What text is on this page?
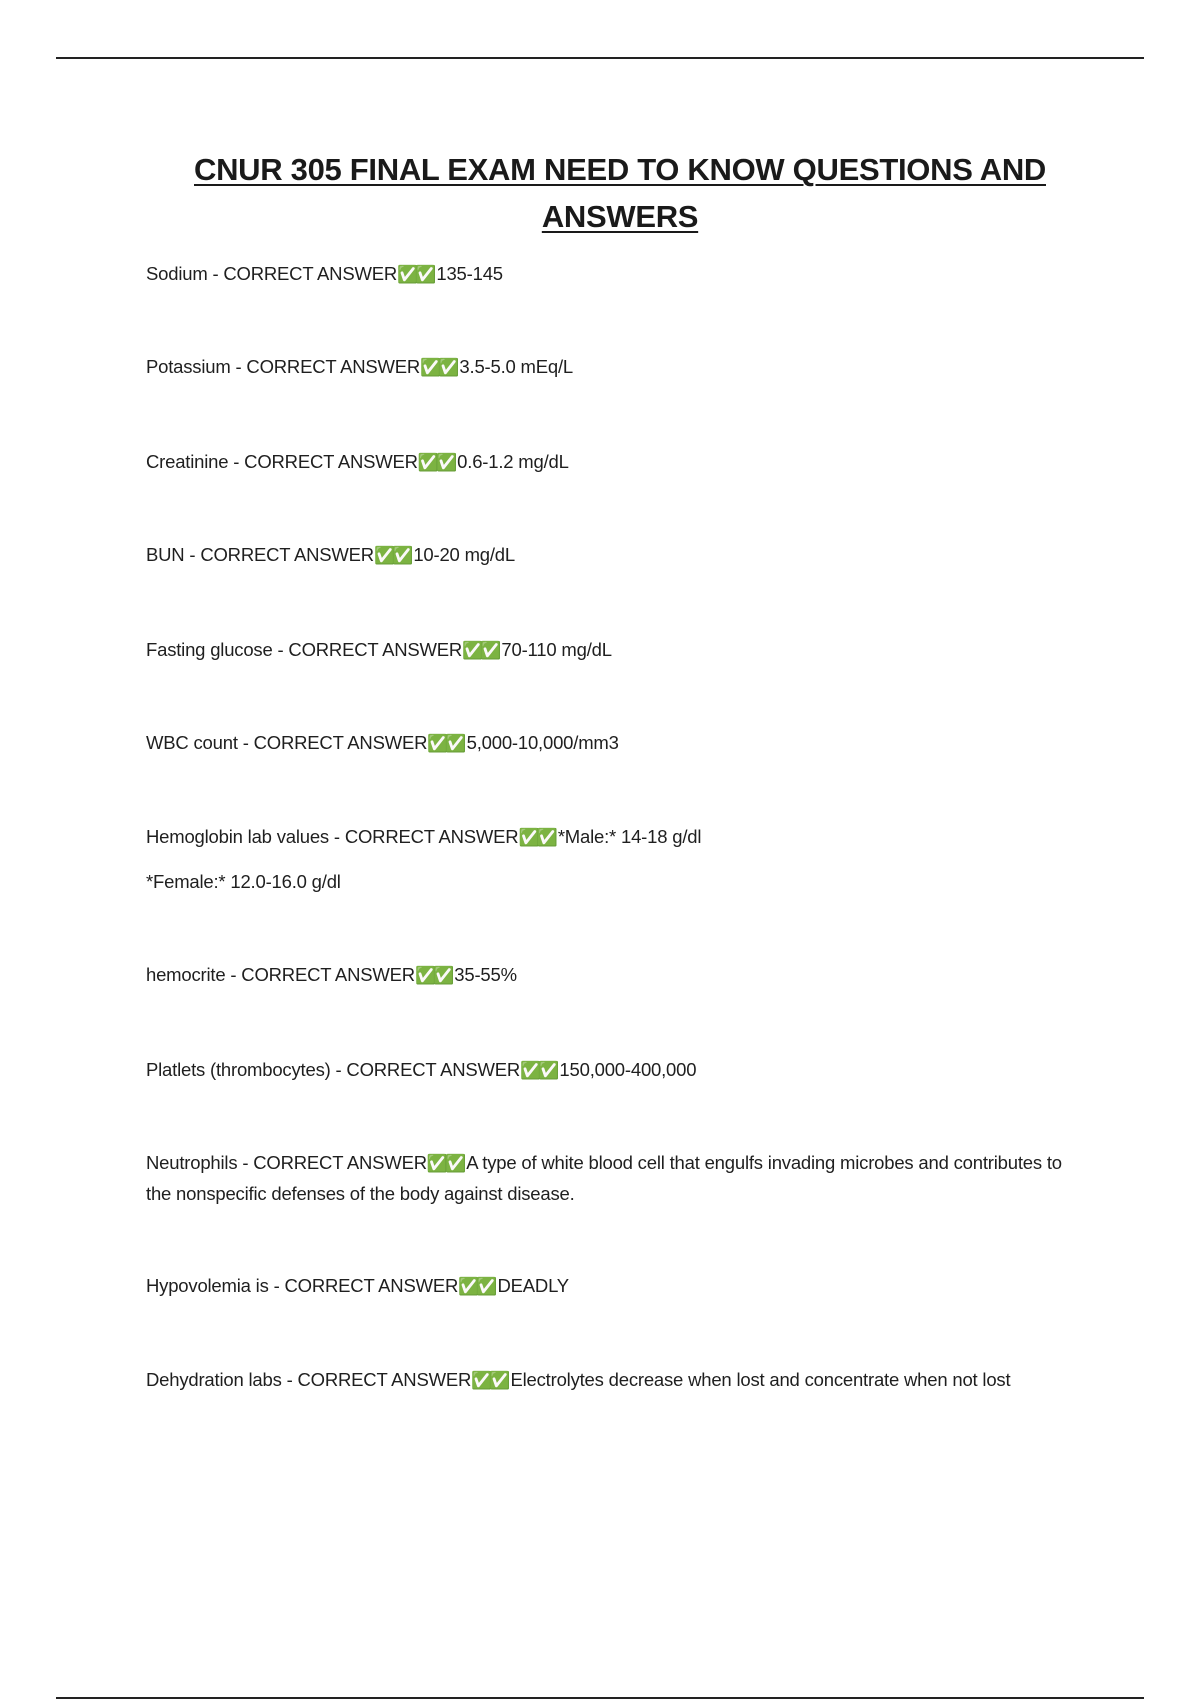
CNUR 305 FINAL EXAM NEED TO KNOW QUESTIONS AND ANSWERS
Sodium - CORRECT ANSWER✅✅ 135-145
Potassium - CORRECT ANSWER✅✅ 3.5-5.0 mEq/L
Creatinine - CORRECT ANSWER✅✅ 0.6-1.2 mg/dL
BUN - CORRECT ANSWER✅✅ 10-20 mg/dL
Fasting glucose - CORRECT ANSWER✅✅ 70-110 mg/dL
WBC count - CORRECT ANSWER✅✅ 5,000-10,000/mm3
Hemoglobin lab values - CORRECT ANSWER✅✅ *Male:* 14-18 g/dl
*Female:* 12.0-16.0 g/dl
hemocrite - CORRECT ANSWER✅✅ 35-55%
Platlets (thrombocytes) - CORRECT ANSWER✅✅ 150,000-400,000
Neutrophils - CORRECT ANSWER✅✅ A type of white blood cell that engulfs invading microbes and contributes to the nonspecific defenses of the body against disease.
Hypovolemia is - CORRECT ANSWER✅✅ DEADLY
Dehydration labs - CORRECT ANSWER✅✅ Electrolytes decrease when lost and concentrate when not lost
